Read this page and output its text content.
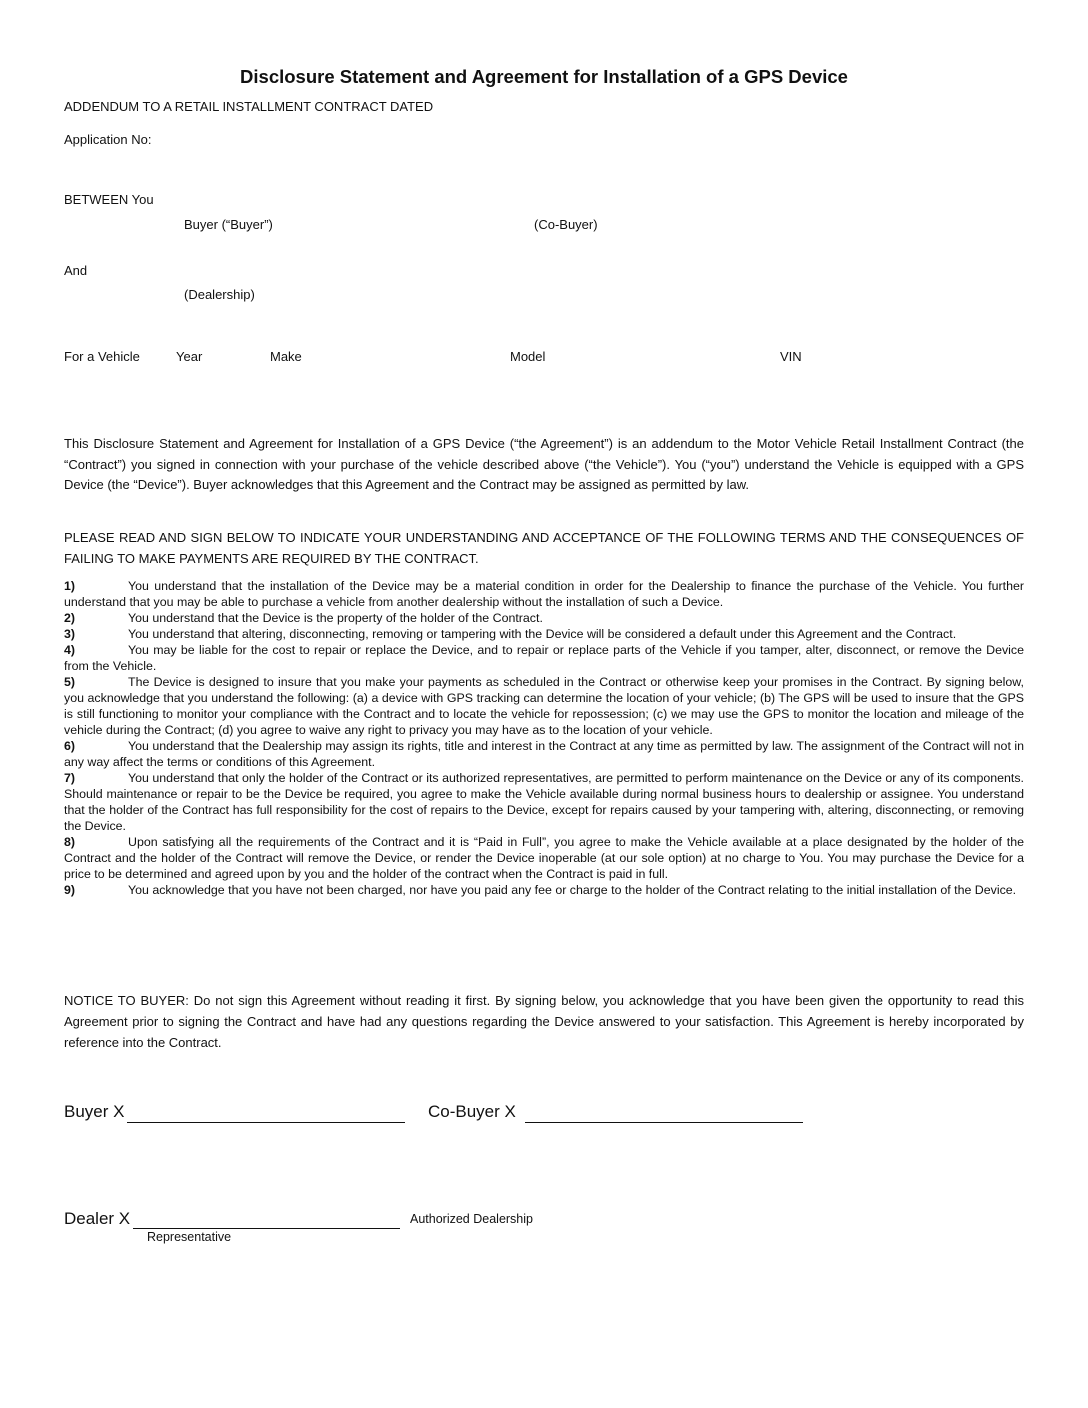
Disclosure Statement and Agreement for Installation of a GPS Device
ADDENDUM TO A RETAIL INSTALLMENT CONTRACT DATED
Application No:
BETWEEN You
Buyer (“Buyer”)	(Co-Buyer)
And
(Dealership)
For a Vehicle	Year	Make	Model	VIN
This Disclosure Statement and Agreement for Installation of a GPS Device (“the Agreement”) is an addendum to the Motor Vehicle Retail Installment Contract (the “Contract”) you signed in connection with your purchase of the vehicle described above (“the Vehicle”). You (“you”) understand the Vehicle is equipped with a GPS Device (the “Device”). Buyer acknowledges that this Agreement and the Contract may be assigned as permitted by law.
PLEASE READ AND SIGN BELOW TO INDICATE YOUR UNDERSTANDING AND ACCEPTANCE OF THE FOLLOWING TERMS AND THE CONSEQUENCES OF FAILING TO MAKE PAYMENTS ARE REQUIRED BY THE CONTRACT.

1)	You understand that the installation of the Device may be a material condition in order for the Dealership to finance the purchase of the Vehicle. You further understand that you may be able to purchase a vehicle from another dealership without the installation of such a Device.

2)	You understand that the Device is the property of the holder of the Contract.

3)	You understand that altering, disconnecting, removing or tampering with the Device will be considered a default under this Agreement and the Contract.

4)	You may be liable for the cost to repair or replace the Device, and to repair or replace parts of the Vehicle if you tamper, alter, disconnect, or remove the Device from the Vehicle.

5)	The Device is designed to insure that you make your payments as scheduled in the Contract or otherwise keep your promises in the Contract. By signing below, you acknowledge that you understand the following: (a) a device with GPS tracking can determine the location of your vehicle; (b) The GPS will be used to insure that the GPS is still functioning to monitor your compliance with the Contract and to locate the vehicle for repossession; (c) we may use the GPS to monitor the location and mileage of the vehicle during the Contract; (d) you agree to waive any right to privacy you may have as to the location of your vehicle.

6)	You understand that the Dealership may assign its rights, title and interest in the Contract at any time as permitted by law. The assignment of the Contract will not in any way affect the terms or conditions of this Agreement.

7)	You understand that only the holder of the Contract or its authorized representatives, are permitted to perform maintenance on the Device or any of its components. Should maintenance or repair to be the Device be required, you agree to make the Vehicle available during normal business hours to dealership or assignee. You understand that the holder of the Contract has full responsibility for the cost of repairs to the Device, except for repairs caused by your tampering with, altering, disconnecting, or removing the Device.

8)	Upon satisfying all the requirements of the Contract and it is “Paid in Full”, you agree to make the Vehicle available at a place designated by the holder of the Contract and the holder of the Contract will remove the Device, or render the Device inoperable (at our sole option) at no charge to You. You may purchase the Device for a price to be determined and agreed upon by you and the holder of the contract when the Contract is paid in full.

9)	You acknowledge that you have not been charged, nor have you paid any fee or charge to the holder of the Contract relating to the initial installation of the Device.

NOTICE TO BUYER: Do not sign this Agreement without reading it first. By signing below, you acknowledge that you have been given the opportunity to read this Agreement prior to signing the Contract and have had any questions regarding the Device answered to your satisfaction. This Agreement is hereby incorporated by reference into the Contract.
Buyer X	Co-Buyer X
Dealer X	Authorized Dealership
Representative
